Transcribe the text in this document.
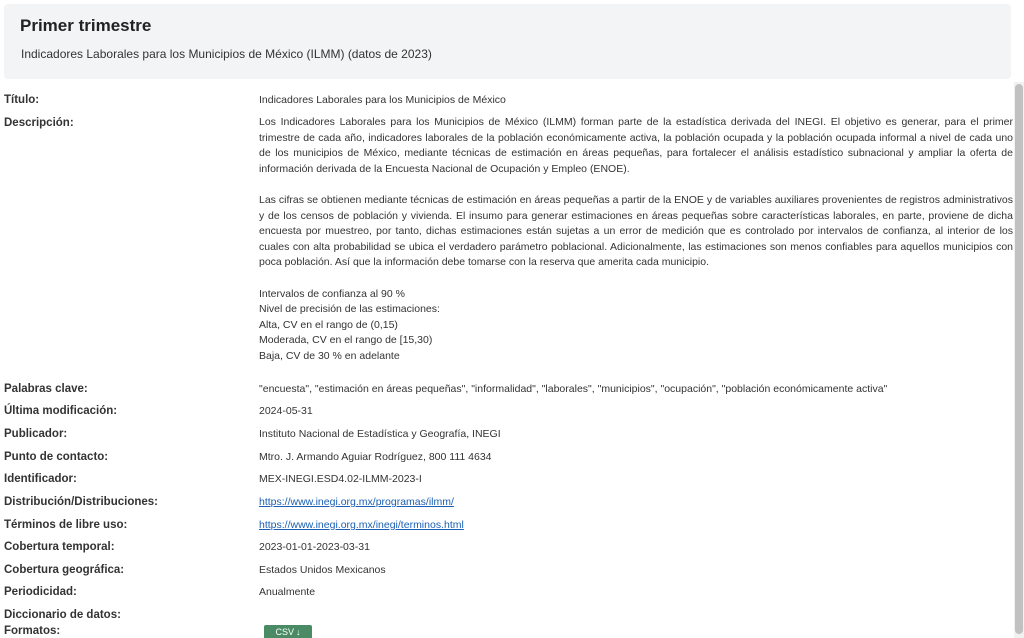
Primer trimestre
Indicadores Laborales para los Municipios de México (ILMM) (datos de 2023)
Título:	Indicadores Laborales para los Municipios de México
Descripción:	Los Indicadores Laborales para los Municipios de México (ILMM) forman parte de la estadística derivada del INEGI. El objetivo es generar, para el primer trimestre de cada año, indicadores laborales de la población económicamente activa, la población ocupada y la población ocupada informal a nivel de cada uno de los municipios de México, mediante técnicas de estimación en áreas pequeñas, para fortalecer el análisis estadístico subnacional y ampliar la oferta de información derivada de la Encuesta Nacional de Ocupación y Empleo (ENOE).

Las cifras se obtienen mediante técnicas de estimación en áreas pequeñas a partir de la ENOE y de variables auxiliares provenientes de registros administrativos y de los censos de población y vivienda. El insumo para generar estimaciones en áreas pequeñas sobre características laborales, en parte, proviene de dicha encuesta por muestreo, por tanto, dichas estimaciones están sujetas a un error de medición que es controlado por intervalos de confianza, al interior de los cuales con alta probabilidad se ubica el verdadero parámetro poblacional. Adicionalmente, las estimaciones son menos confiables para aquellos municipios con poca población. Así que la información debe tomarse con la reserva que amerita cada municipio.

Intervalos de confianza al 90 %
Nivel de precisión de las estimaciones:
Alta, CV en el rango de (0,15)
Moderada, CV en el rango de [15,30)
Baja, CV de 30 % en adelante
Palabras clave:	"encuesta", "estimación en áreas pequeñas", "informalidad", "laborales", "municipios", "ocupación", "población económicamente activa"
Última modificación:	2024-05-31
Publicador:	Instituto Nacional de Estadística y Geografía, INEGI
Punto de contacto:	Mtro. J. Armando Aguiar Rodríguez, 800 111 4634
Identificador:	MEX-INEGI.ESD4.02-ILMM-2023-I
Distribución/Distribuciones:	https://www.inegi.org.mx/programas/ilmm/
Términos de libre uso:	https://www.inegi.org.mx/inegi/terminos.html
Cobertura temporal:	2023-01-01-2023-03-31
Cobertura geográfica:	Estados Unidos Mexicanos
Periodicidad:	Anualmente
Diccionario de datos:
Formatos:	CSV ↓
